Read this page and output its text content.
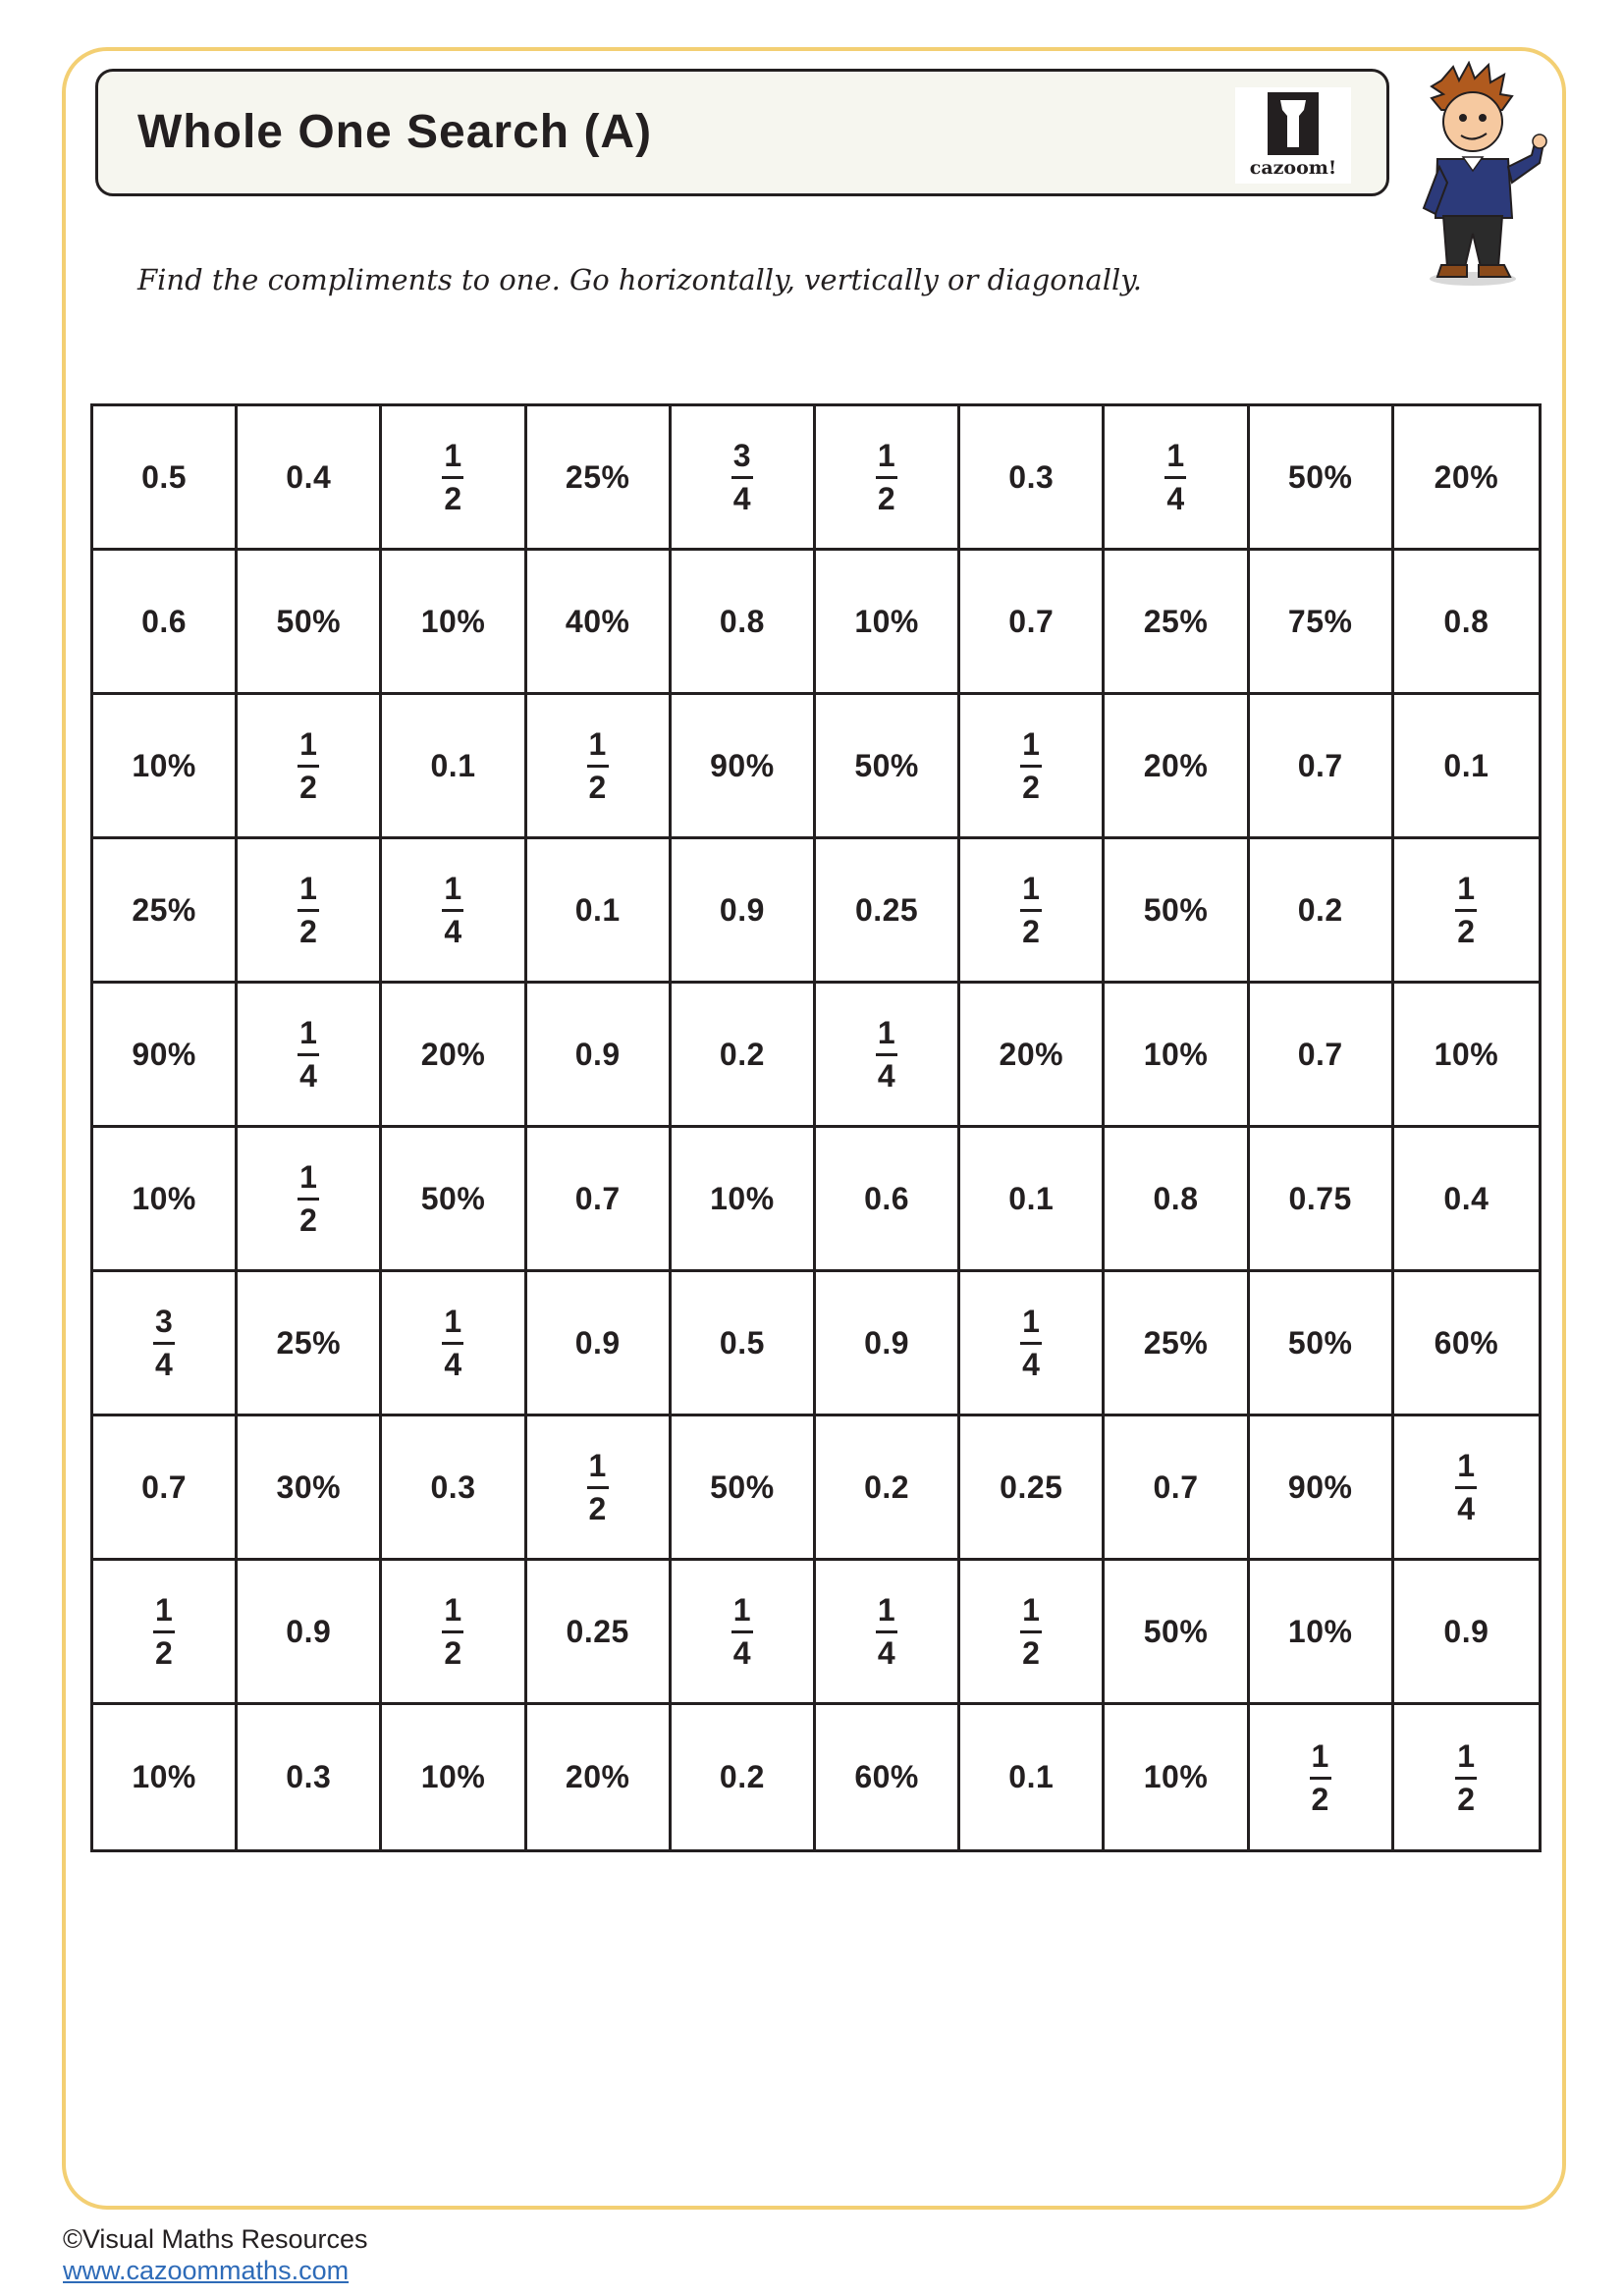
Whole One Search (A)
cazoom!
Find the compliments to one. Go horizontally, vertically or diagonally.
0.5	0.4	$\frac{1}{2}$	25%	$\frac{3}{4}$	$\frac{1}{2}$	0.3	$\frac{1}{4}$	50%	20%
0.6	50%	10%	40%	0.8	10%	0.7	25%	75%	0.8
10%	$\frac{1}{2}$	0.1	$\frac{1}{2}$	90%	50%	$\frac{1}{2}$	20%	0.7	0.1
25%	$\frac{1}{2}$	$\frac{1}{4}$	0.1	0.9	0.25	$\frac{1}{2}$	50%	0.2	$\frac{1}{2}$
90%	$\frac{1}{4}$	20%	0.9	0.2	$\frac{1}{4}$	20%	10%	0.7	10%
10%	$\frac{1}{2}$	50%	0.7	10%	0.6	0.1	0.8	0.75	0.4
$\frac{3}{4}$	25%	$\frac{1}{4}$	0.9	0.5	0.9	$\frac{1}{4}$	25%	50%	60%
0.7	30%	0.3	$\frac{1}{2}$	50%	0.2	0.25	0.7	90%	$\frac{1}{4}$
$\frac{1}{2}$	0.9	$\frac{1}{2}$	0.25	$\frac{1}{4}$	$\frac{1}{4}$	$\frac{1}{2}$	50%	10%	0.9
10%	0.3	10%	20%	0.2	60%	0.1	10%	$\frac{1}{2}$	$\frac{1}{2}$
©Visual Maths Resources
www.cazoommaths.com
